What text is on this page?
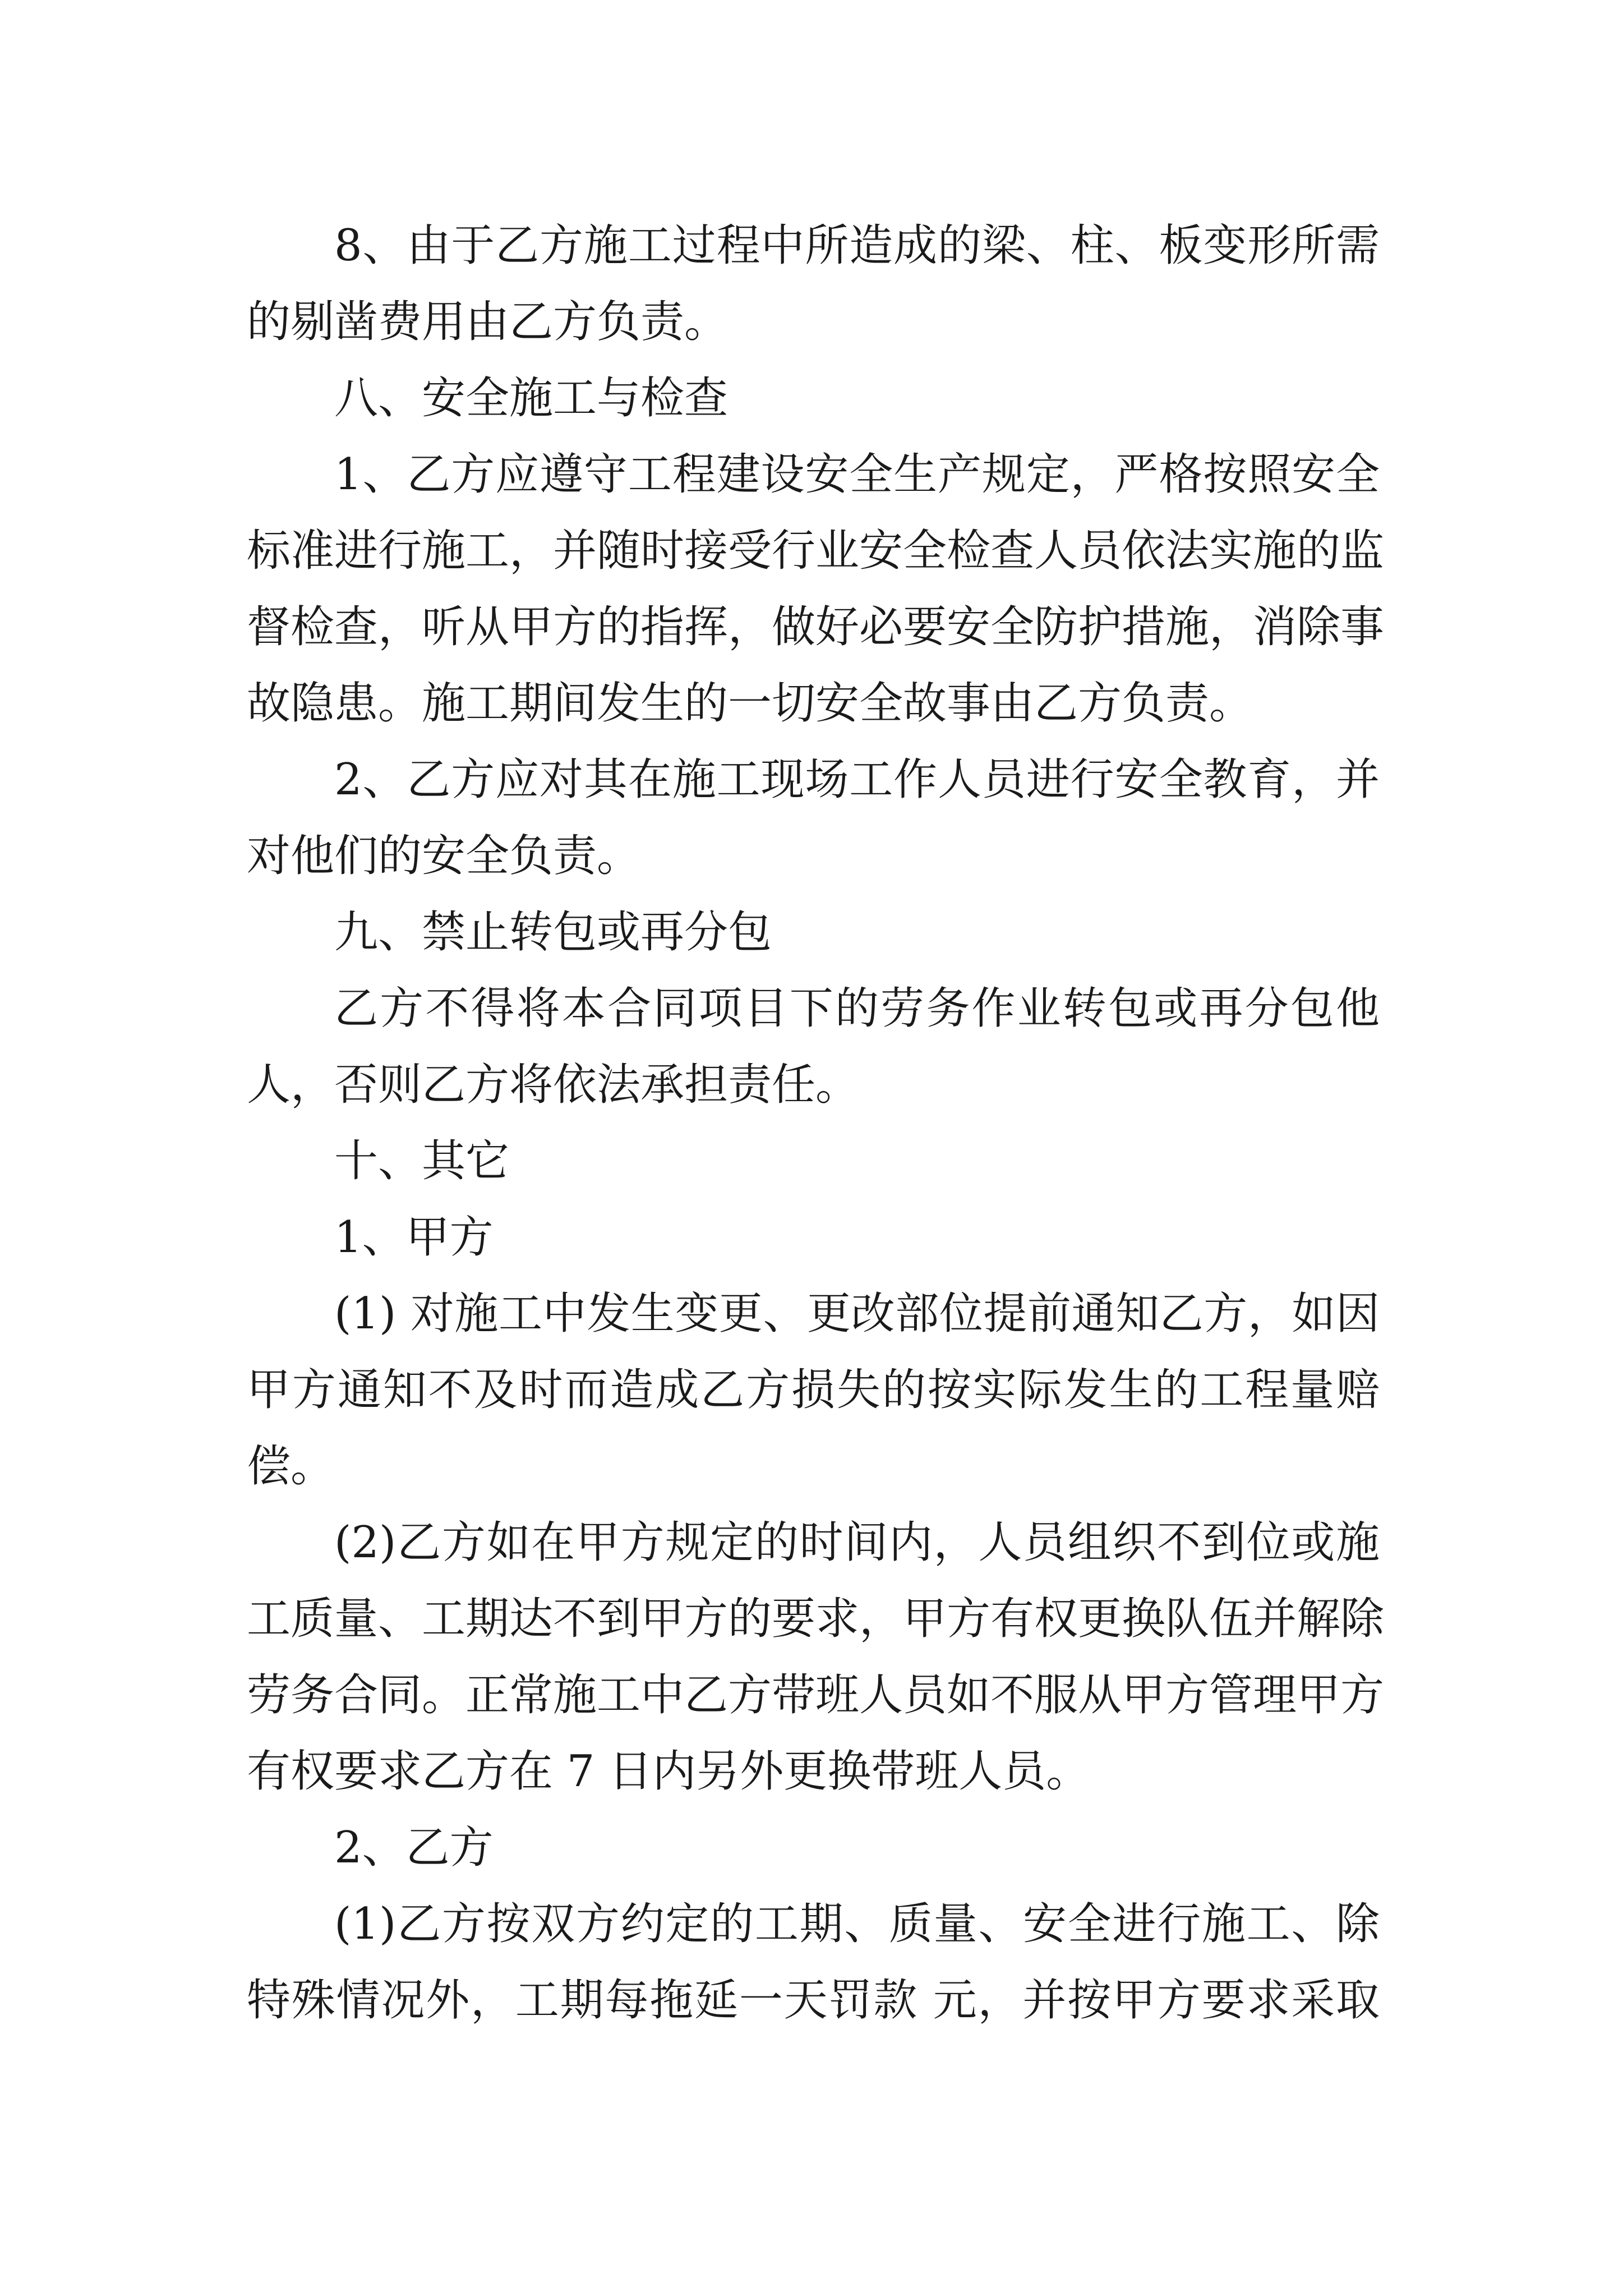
8、由于乙方施工过程中所造成的梁、柱、板变形所需
的剔凿费用由乙方负责。
八、安全施工与检查
1、乙方应遵守工程建设安全生产规定，严格按照安全
标准进行施工，并随时接受行业安全检查人员依法实施的监
督检查，听从甲方的指挥，做好必要安全防护措施，消除事
故隐患。施工期间发生的一切安全故事由乙方负责。
2、乙方应对其在施工现场工作人员进行安全教育，并
对他们的安全负责。
九、禁止转包或再分包
乙方不得将本合同项目下的劳务作业转包或再分包他
人，否则乙方将依法承担责任。
十、其它
1、甲方
(1) 对施工中发生变更、更改部位提前通知乙方，如因
甲方通知不及时而造成乙方损失的按实际发生的工程量赔
偿。
(2)乙方如在甲方规定的时间内，人员组织不到位或施
工质量、工期达不到甲方的要求，甲方有权更换队伍并解除
劳务合同。正常施工中乙方带班人员如不服从甲方管理甲方
有权要求乙方在 7 日内另外更换带班人员。
2、乙方
(1)乙方按双方约定的工期、质量、安全进行施工、除
特殊情况外，工期每拖延一天罚款 元，并按甲方要求采取
